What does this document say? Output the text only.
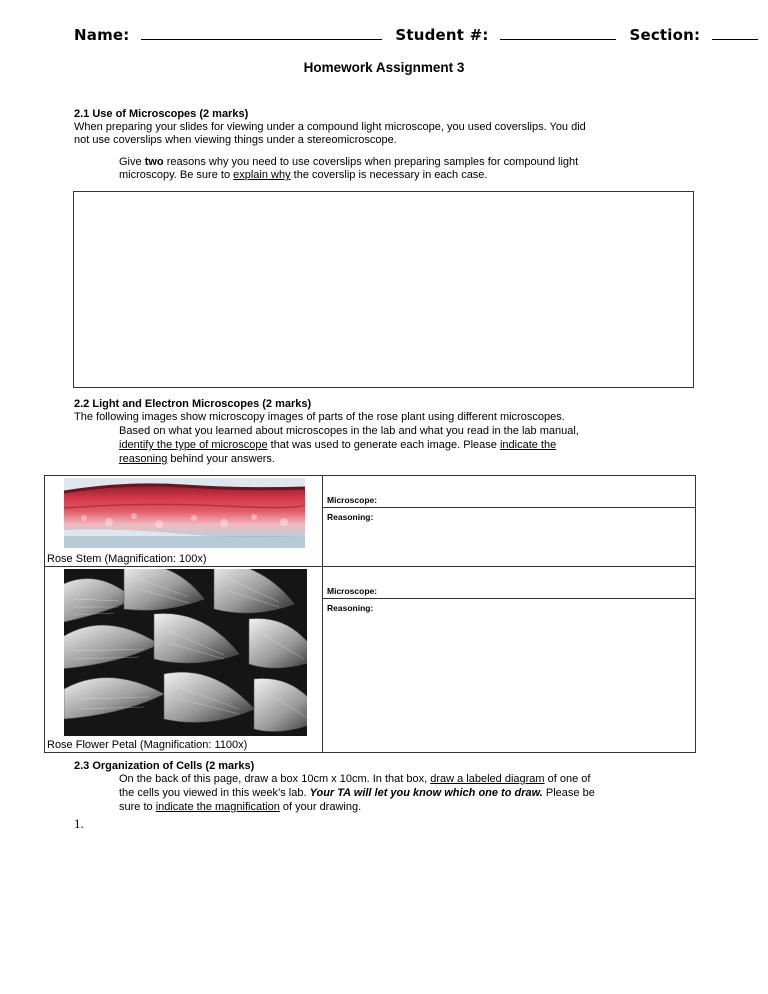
Name:	Student #:	Section:
Homework Assignment 3
2.1 Use of Microscopes (2 marks)
When preparing your slides for viewing under a compound light microscope, you used coverslips. You did
not use coverslips when viewing things under a stereomicroscope.
Give two reasons why you need to use coverslips when preparing samples for compound light
microscopy. Be sure to explain why the coverslip is necessary in each case.
2.2 Light and Electron Microscopes (2 marks)
The following images show microscopy images of parts of the rose plant using different microscopes.
Based on what you learned about microscopes in the lab and what you read in the lab manual,
identify the type of microscope that was used to generate each image. Please indicate the
reasoning behind your answers.
Rose Stem (Magnification: 100x)	Microscope:
Reasoning:

Rose Flower Petal (Magnification: 1100x)	Microscope:
Reasoning:
2.3 Organization of Cells (2 marks)
On the back of this page, draw a box 10cm x 10cm. In that box, draw a labeled diagram of one of
the cells you viewed in this week’s lab. Your TA will let you know which one to draw. Please be
sure to indicate the magnification of your drawing.
1.
